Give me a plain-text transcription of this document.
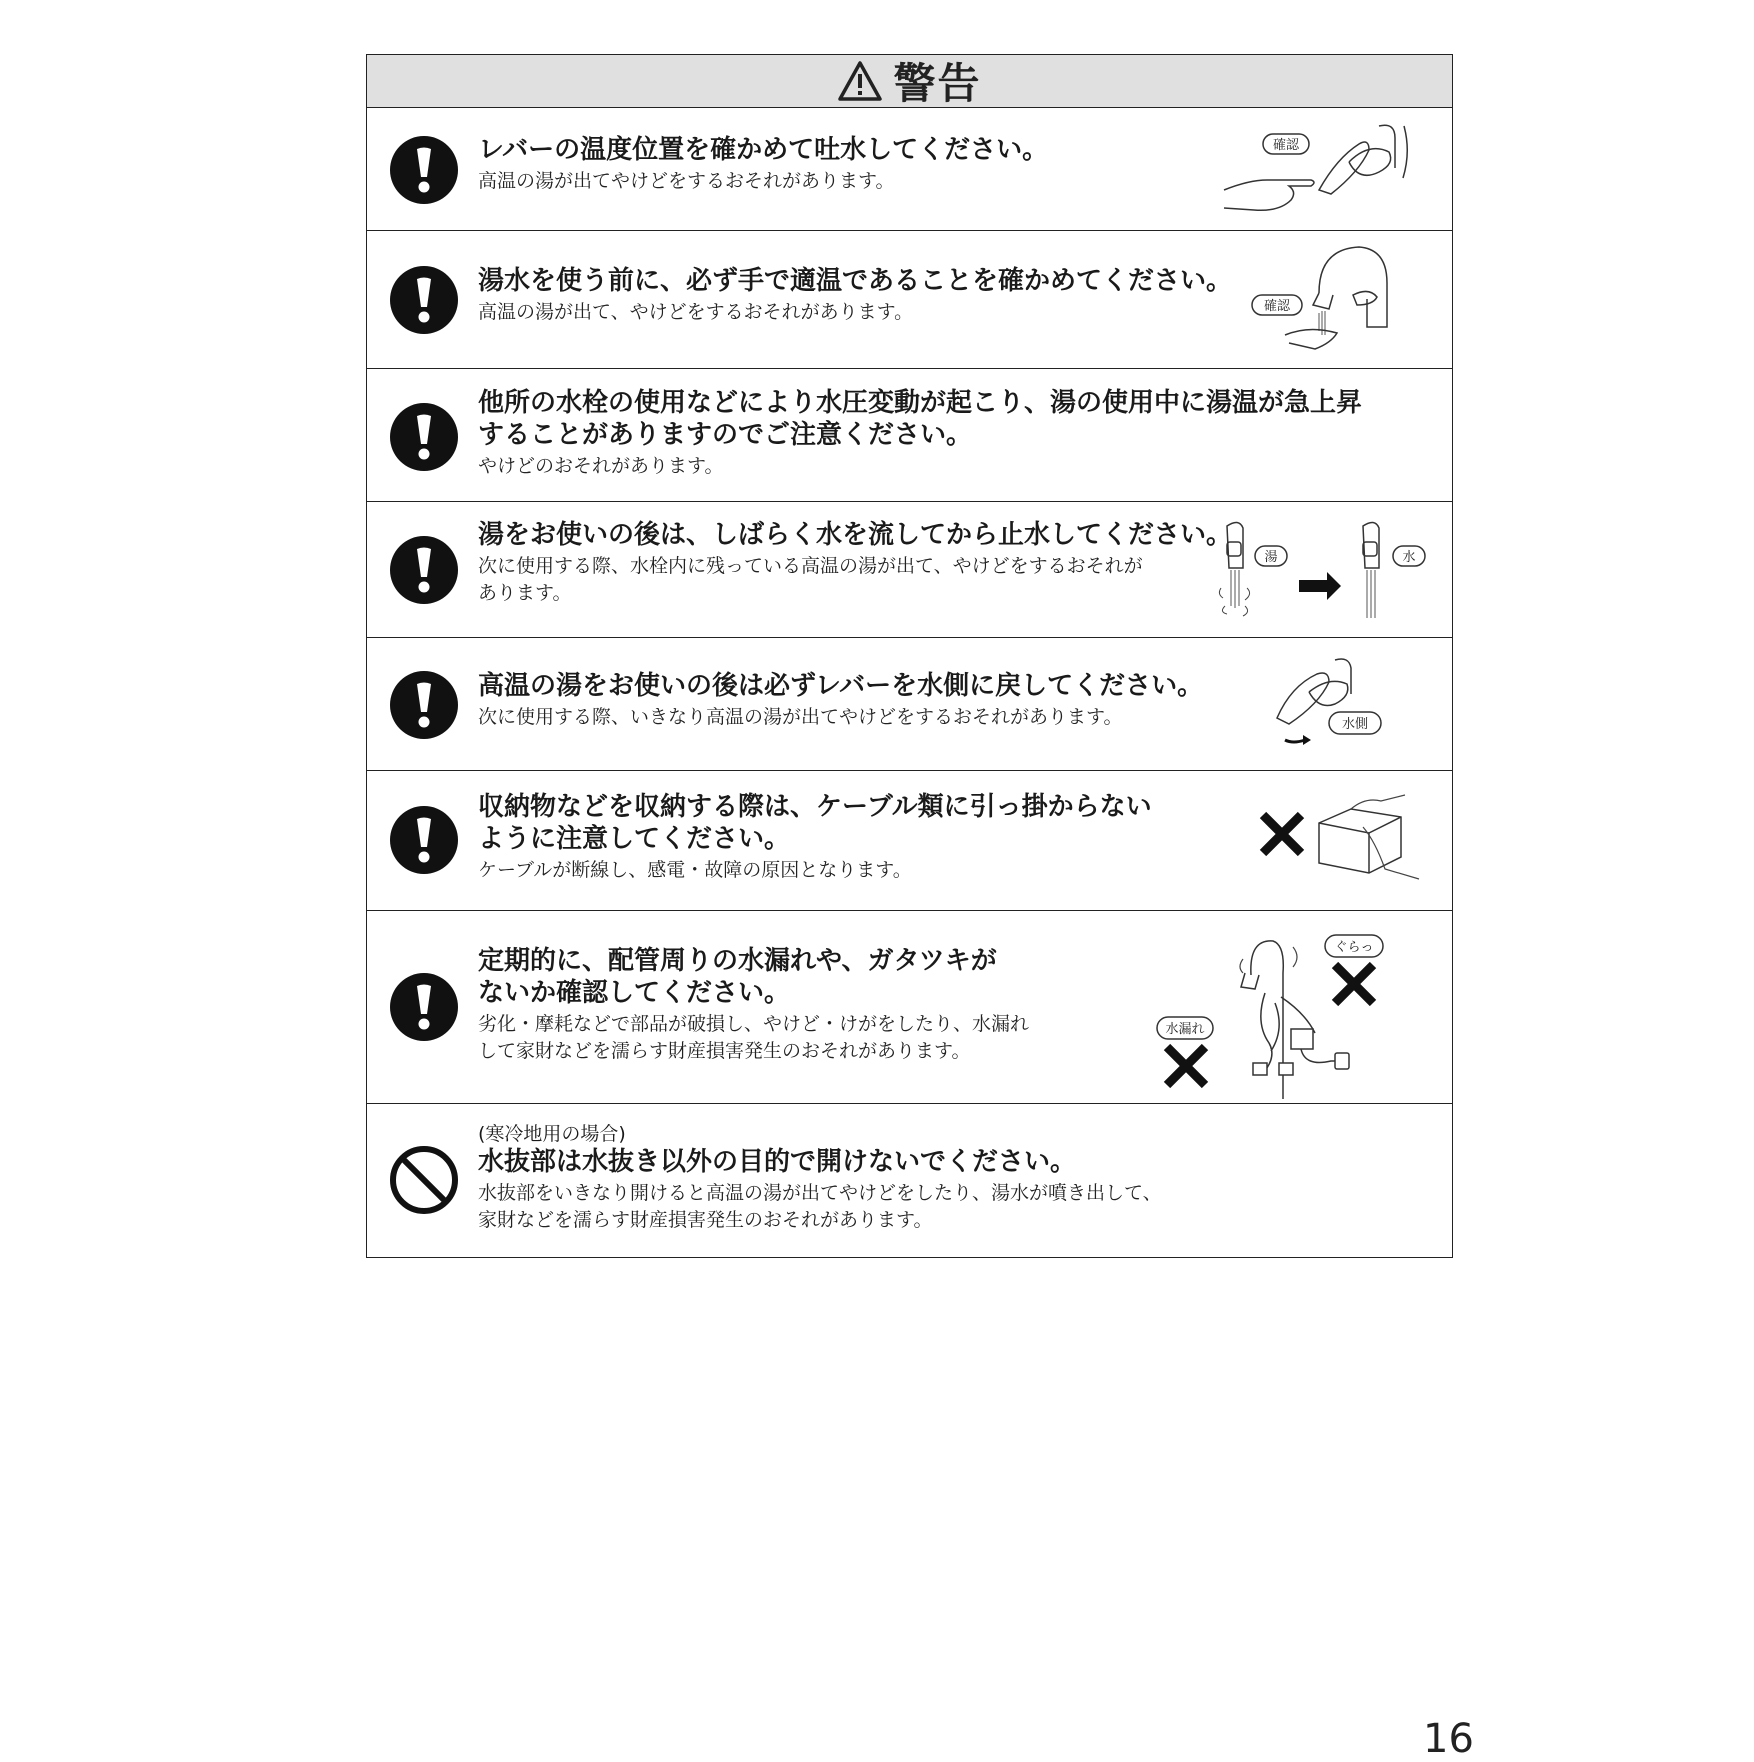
警告
レバーの温度位置を確かめて吐水してください。
高温の湯が出てやけどをするおそれがあります。
確認
湯水を使う前に、必ず手で適温であることを確かめてください。
高温の湯が出て、やけどをするおそれがあります。	確認
他所の水栓の使用などにより水圧変動が起こり、湯の使用中に湯温が急上昇
することがありますのでご注意ください。
やけどのおそれがあります。
湯をお使いの後は、しばらく水を流してから止水してください。
次に使用する際、水栓内に残っている高温の湯が出て、やけどをするおそれが
あります。
湯	水
高温の湯をお使いの後は必ずレバーを水側に戻してください。
次に使用する際、いきなり高温の湯が出てやけどをするおそれがあります。	水側
収納物などを収納する際は、ケーブル類に引っ掛からない
ように注意してください。
ケーブルが断線し、感電・故障の原因となります。
定期的に、配管周りの水漏れや、ガタツキが
ないか確認してください。
劣化・摩耗などで部品が破損し、やけど・けがをしたり、水漏れ
して家財などを濡らす財産損害発生のおそれがあります。
水漏れ
ぐらっ
(寒冷地用の場合)
水抜部は水抜き以外の目的で開けないでください。
水抜部をいきなり開けると高温の湯が出てやけどをしたり、湯水が噴き出して、
家財などを濡らす財産損害発生のおそれがあります。
16
